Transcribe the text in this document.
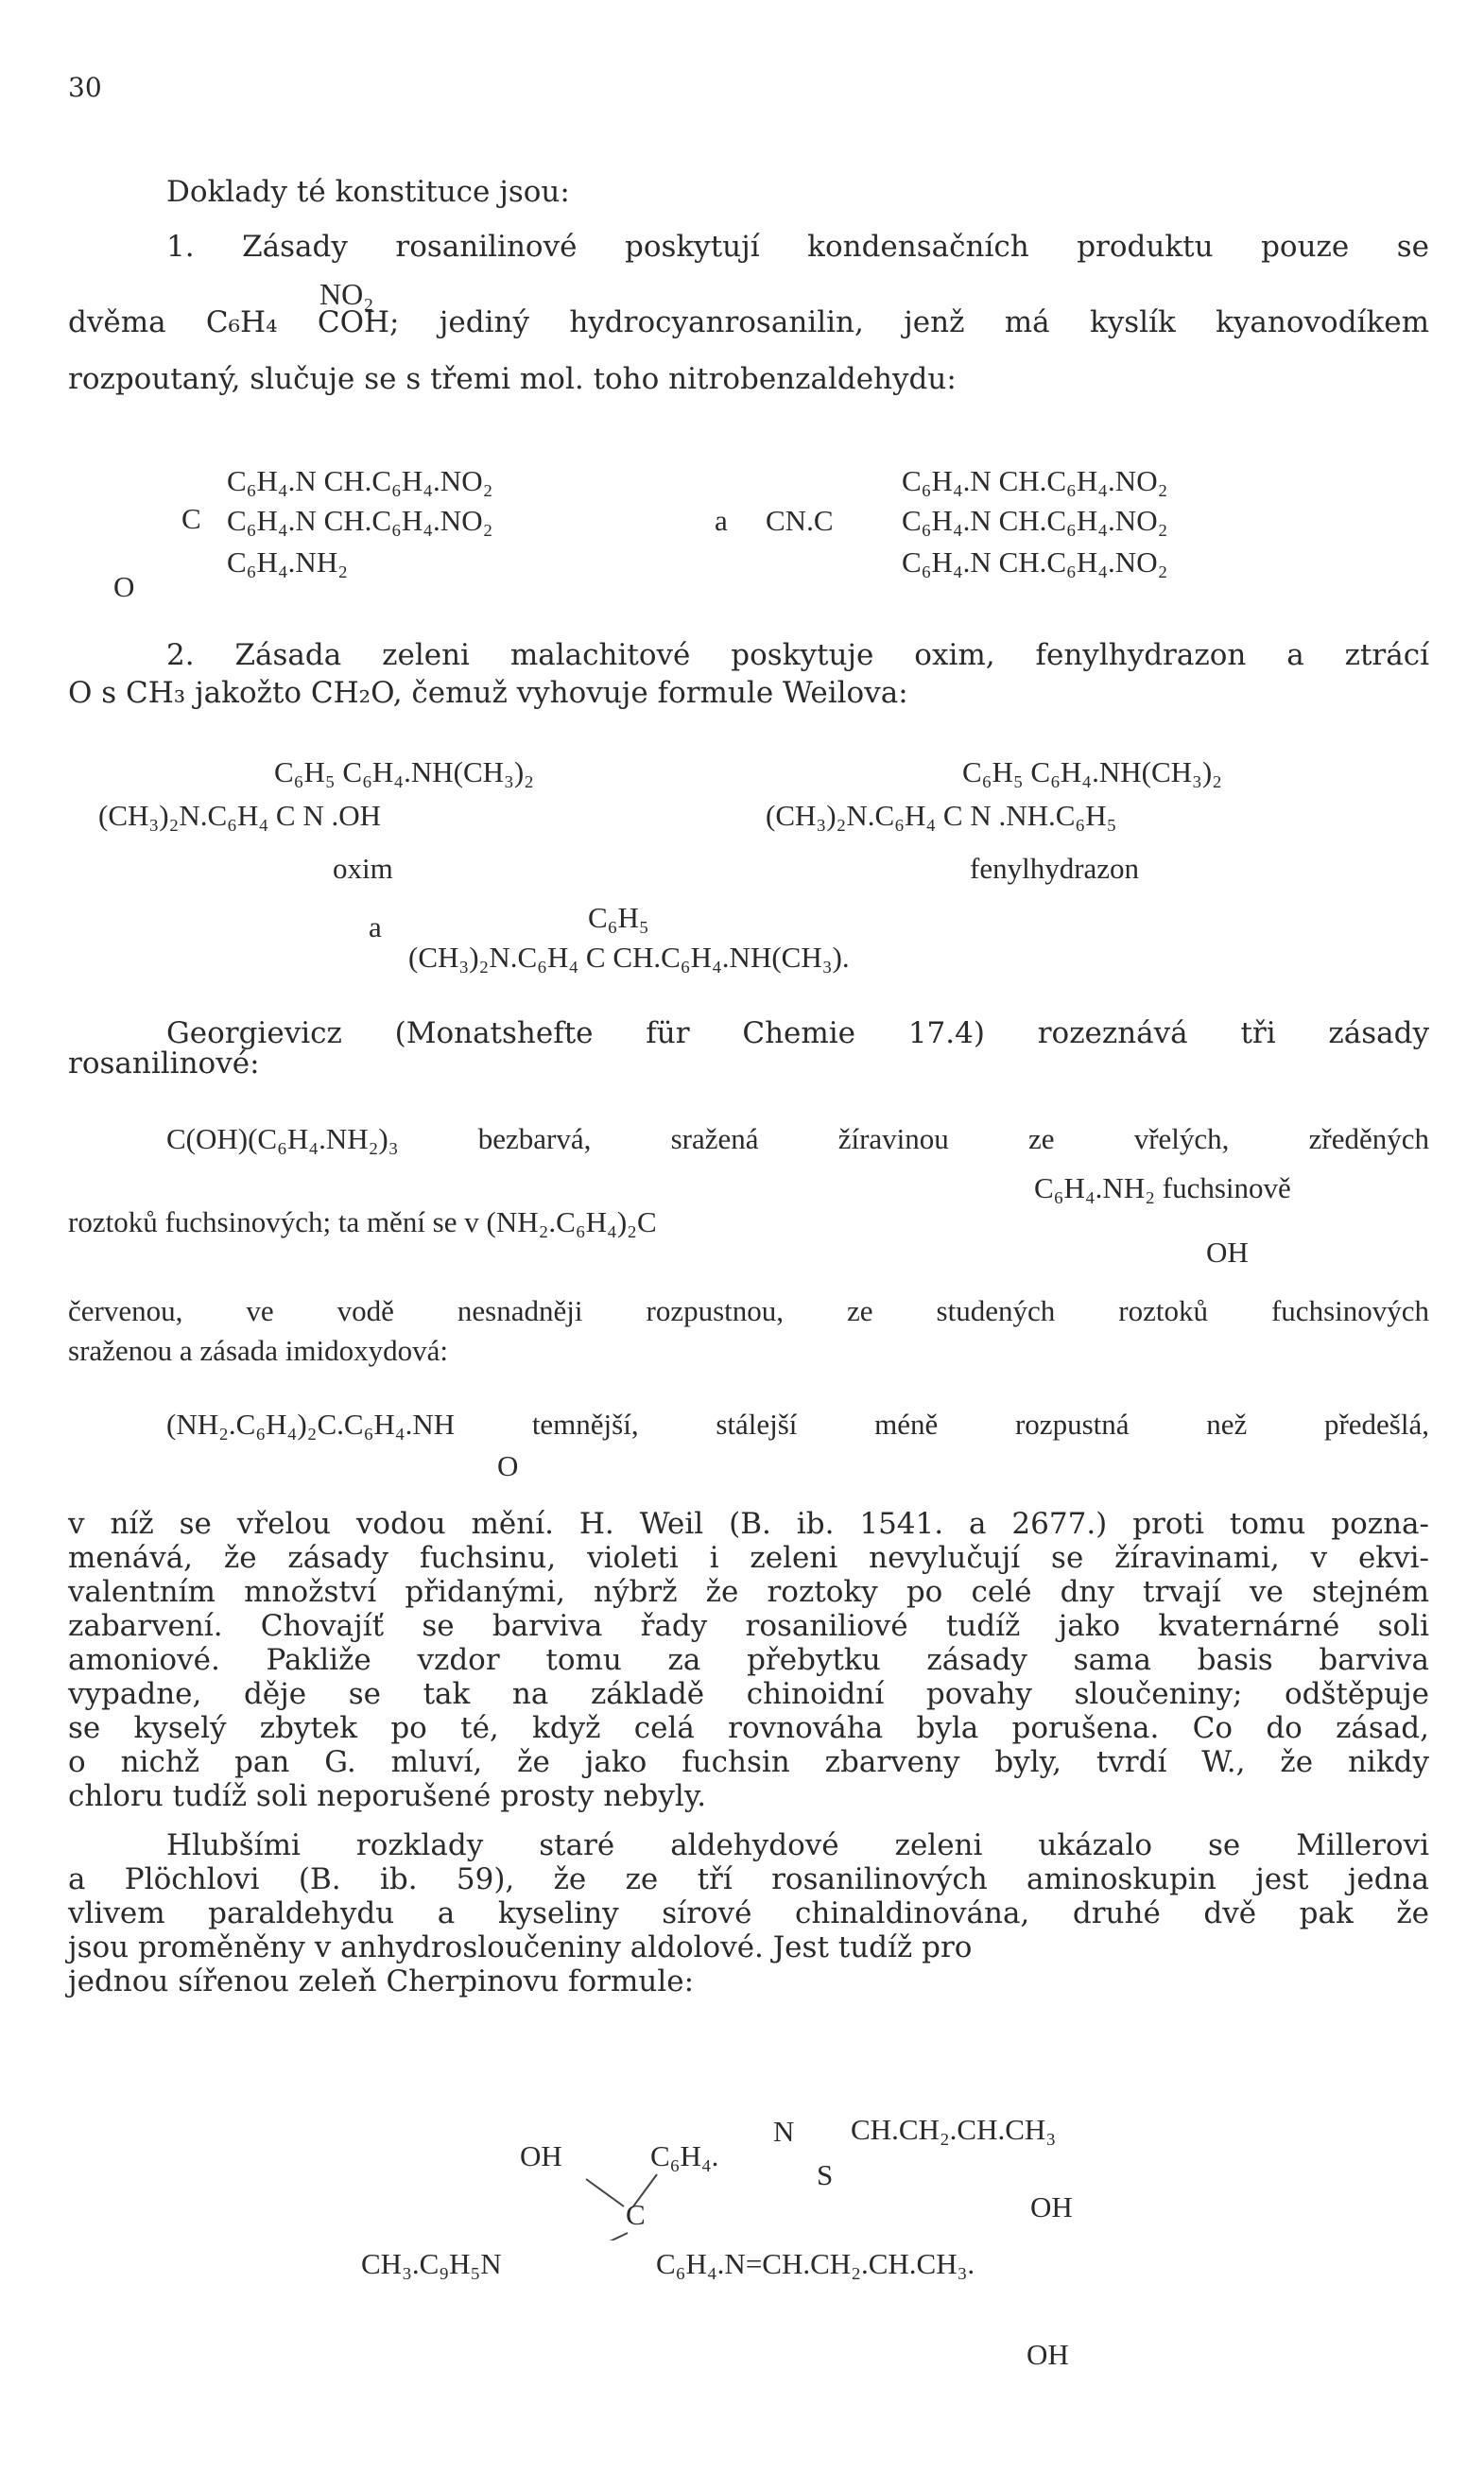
30
Doklady té konstituce jsou:
NO₂
1. Zásady rosanilinové poskytují kondensačních produktu pouze se
dvěma C₆H₄ COH; jediný hydrocyanrosanilin, jenž má kyslík kyanovodíkem
rozpoutaný, slučuje se s třemi mol. toho nitrobenzaldehydu:
C
O
C₆H₄.N CH.C₆H₄.NO₂
C₆H₄.N CH.C₆H₄.NO₂
C₆H₄.NH₂
a CN.C
C₆H₄.N CH.C₆H₄.NO₂
C₆H₄.N CH.C₆H₄.NO₂
C₆H₄.N CH.C₆H₄.NO₂
2. Zásada zeleni malachitové poskytuje oxim, fenylhydrazon a ztrácí
O s CH₃ jakožto CH₂O, čemuž vyhovuje formule Weilova:
C₆H₅ C₆H₄.NH(CH₃)₂
(CH₃)₂N.C₆H₄ C N .OH
oxim
C₆H₅ C₆H₄.NH(CH₃)₂
(CH₃)₂N.C₆H₄ C N .NH.C₆H₅
fenylhydrazon
a	C₆H₅
(CH₃)₂N.C₆H₄ C CH.C₆H₄.NH(CH₃).
Georgievicz (Monatshefte für Chemie 17.4) rozeznává tři zásady
rosanilinové:
C(OH)(C₆H₄.NH₂)₃ bezbarvá, sražená žíravinou ze vřelých, zředěných
roztoků fuchsinových; ta mění se v (NH₂.C₆H₄)₂C
C₆H₄.NH₂ fuchsinově
OH
červenou, ve vodě nesnadněji rozpustnou, ze studených roztoků fuchsinových
sraženou a zásada imidoxydová:
(NH₂.C₆H₄)₂C.C₆H₄.NH temnější, stálejší méně rozpustná než předešlá,
O
v níž se vřelou vodou mění. H. Weil (B. ib. 1541. a 2677.) proti tomu pozna-
menává, že zásady fuchsinu, violeti i zeleni nevylučují se žíravinami, v ekvi-
valentním množství přidanými, nýbrž že roztoky po celé dny trvají ve stejném
zabarvení. Chovajíť se barviva řady rosaniliové tudíž jako kvaternárné soli
amoniové. Pakliže vzdor tomu za přebytku zásady sama basis barviva
vypadne, děje se tak na základě chinoidní povahy sloučeniny; odštěpuje
se kyselý zbytek po té, když celá rovnováha byla porušena. Co do zásad,
o nichž pan G. mluví, že jako fuchsin zbarveny byly, tvrdí W., že nikdy
chloru tudíž soli neporušené prosty nebyly.
Hlubšími rozklady staré aldehydové zeleni ukázalo se Millerovi
a Plöchlovi (B. ib. 59), že ze tří rosanilinových aminoskupin jest jedna
vlivem paraldehydu a kyseliny sírové chinaldinována, druhé dvě pak že
jsou proměněny v anhydrosloučeniny aldolové. Jest tudíž pro
jednou sířenou zeleň Cherpinovu formule:
OH	C₆H₄.
N
S
CH.CH₂.CH.CH₃
C	OH
CH₃.C₉H₅N	C₆H₄.N=CH.CH₂.CH.CH₃.
OH
